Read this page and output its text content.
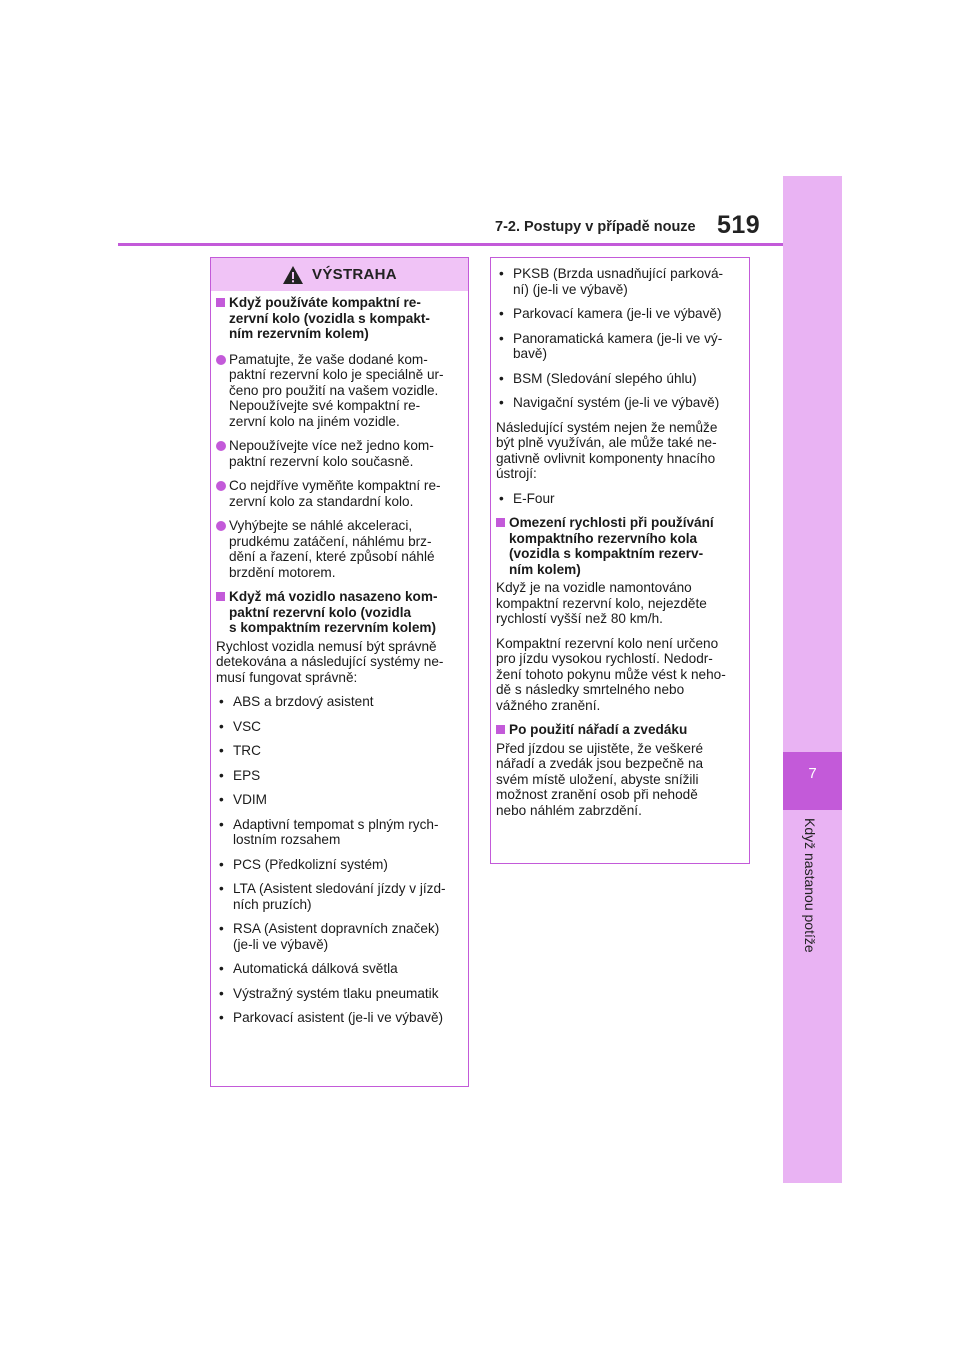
7
Když nastanou potíže
7-2. Postupy v případě nouze 519
VÝSTRAHA
Když používáte kompaktní re-
zervní kolo (vozidla s kompakt-
ním rezervním kolem)
Pamatujte, že vaše dodané kom-
paktní rezervní kolo je speciálně ur-
čeno pro použití na vašem vozidle.
Nepoužívejte své kompaktní re-
zervní kolo na jiném vozidle.
Nepoužívejte více než jedno kom-
paktní rezervní kolo současně.
Co nejdříve vyměňte kompaktní re-
zervní kolo za standardní kolo.
Vyhýbejte se náhlé akceleraci,
prudkému zatáčení, náhlému brz-
dění a řazení, které způsobí náhlé
brzdění motorem.
Když má vozidlo nasazeno kom-
paktní rezervní kolo (vozidla
s kompaktním rezervním kolem)
Rychlost vozidla nemusí být správně
detekována a následující systémy ne-
musí fungovat správně:
• ABS a brzdový asistent
• VSC
• TRC
• EPS
• VDIM
• Adaptivní tempomat s plným rych-
lostním rozsahem
• PCS (Předkolizní systém)
• LTA (Asistent sledování jízdy v jízd-
ních pruzích)
• RSA (Asistent dopravních značek)
(je-li ve výbavě)
• Automatická dálková světla
• Výstražný systém tlaku pneumatik
• Parkovací asistent (je-li ve výbavě)
• PKSB (Brzda usnadňující parková-
ní) (je-li ve výbavě)
• Parkovací kamera (je-li ve výbavě)
• Panoramatická kamera (je-li ve vý-
bavě)
• BSM (Sledování slepého úhlu)
• Navigační systém (je-li ve výbavě)
Následující systém nejen že nemůže
být plně využíván, ale může také ne-
gativně ovlivnit komponenty hnacího
ústrojí:
• E-Four
Omezení rychlosti při používání
kompaktního rezervního kola
(vozidla s kompaktním rezerv-
ním kolem)
Když je na vozidle namontováno
kompaktní rezervní kolo, nejezděte
rychlostí vyšší než 80 km/h.
Kompaktní rezervní kolo není určeno
pro jízdu vysokou rychlostí. Nedodr-
žení tohoto pokynu může vést k neho-
dě s následky smrtelného nebo
vážného zranění.
Po použití nářadí a zvedáku
Před jízdou se ujistěte, že veškeré
nářadí a zvedák jsou bezpečně na
svém místě uložení, abyste snížili
možnost zranění osob při nehodě
nebo náhlém zabrzdění.
